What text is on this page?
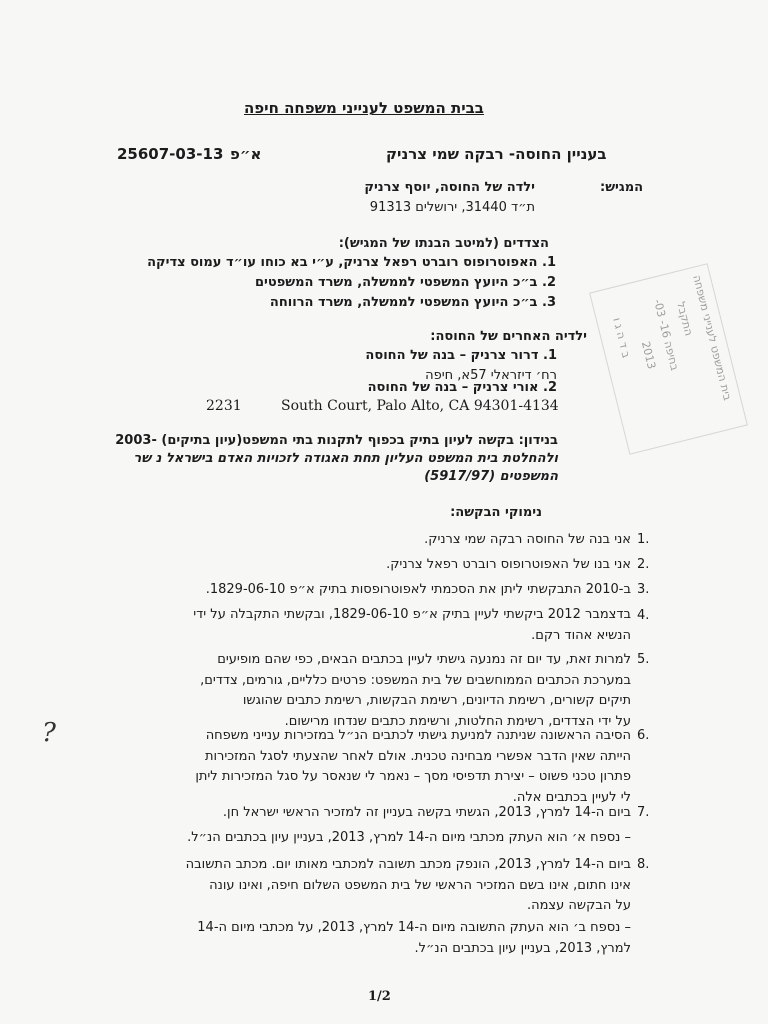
בבית המשפט לענייני משפחה חיפה
בעניין החוסה- רבקה שמי צרניק
א״פ
25607-03-13
המגיש:
ילדה של החוסה, יוסף צרניק
ת״ד 31440, ירושלים 91313
הצדדים (למיטב הבנתו של המגיש):
1. האפוטרופוס רוברט רפאל צרניק, ע״י בא כוחו עו״ד עמוס צדיקה
2. ב״כ היועץ המשפטי לממשלה, משרד המשפטים
3. ב״כ היועץ המשפטי לממשלה, משרד הרווחה
ילדיה האחרים של החוסה:
1. דרור צרניק – בנה של החוסה
רח׳ דיזראלי 57א, חיפה
2. אורי צרניק – בנה של החוסה
2231	South Court, Palo Alto, CA 94301-4134
בית המשפט לענייני משפחה
התקבל
בחיפה 16- 03-
2013
ב ד ה ג ו
בנידון: בקשה לעיון בתיק בכפוף לתקנות בתי המשפט(עיון בתיקים) -2003
ולהחלטת בית המשפט העליון תחת האגודה לזכויות האדם בישראל נ שר
המשפטים (5917/97)
נימוקי הבקשה:
1.
אני בנה של החוסה רבקה שמי צרניק.
2.
אני בנו של האפוטרופוס רוברט רפאל צרניק.
3.
ב-2010 התבקשתי ליתן את הסכמתי לאפוטרופסות בתיק א״פ 1829-06-10.
4.
בדצמבר 2012 ביקשתי לעיין בתיק א״פ 1829-06-10, ובקשתי התקבלה על ידי
הנשיא אהוד רקם.
5.
למרות זאת, עד יום זה נמנעה גישתי לעיין בכתבים הבאים, כפי שהם מופיעים
במערכת הכתבים הממוחשבים של בית המשפט: פרטים כלליים, גורמים, צדדים,
תיקים קשורים, רשימת הדיונים, רשימת הבקשות, רשימת כתבים שהוגשו
על ידי הצדדים, רשימת החלטות, ורשימת כתבים שנדחו מרישום.
?	6.
הסיבה הראשונה שניתנה למניעת גישתי לכתבים הנ״ל במזכירות ענייני משפחה
הייתה שאין הדבר אפשרי מבחינה טכנית. אולם לאחר שהצעתי לסגל המזכירות
פתרון טכני פשוט – יצירת תדפיסי מסך – נאמר לי שנאסר על סגל המזכירות ליתן
לי לעיין בכתבים אלה.
7.
ביום ה-14 למרץ, 2013, הגשתי בקשה בעניין זה למזכיר הראשי ישראל חן.
– נספח א׳ הוא העתק מכתבי מיום ה-14 למרץ, 2013, בעניין עיון בכתבים הנ״ל.
8.
ביום ה-14 למרץ, 2013, הונפק מכתב תשובה למכתבי מאותו יום. מכתב התשובה
אינו חתום, אינו בשם המזכיר הראשי של בית המשפט השלום חיפה, ואינו עונה
על הבקשה עצמה.
– נספח ב׳ הוא העתק התשובה מיום ה-14 למרץ, 2013, על מכתבי מיום ה-14
למרץ, 2013, בעניין עיון בכתבים הנ״ל.
1/2
